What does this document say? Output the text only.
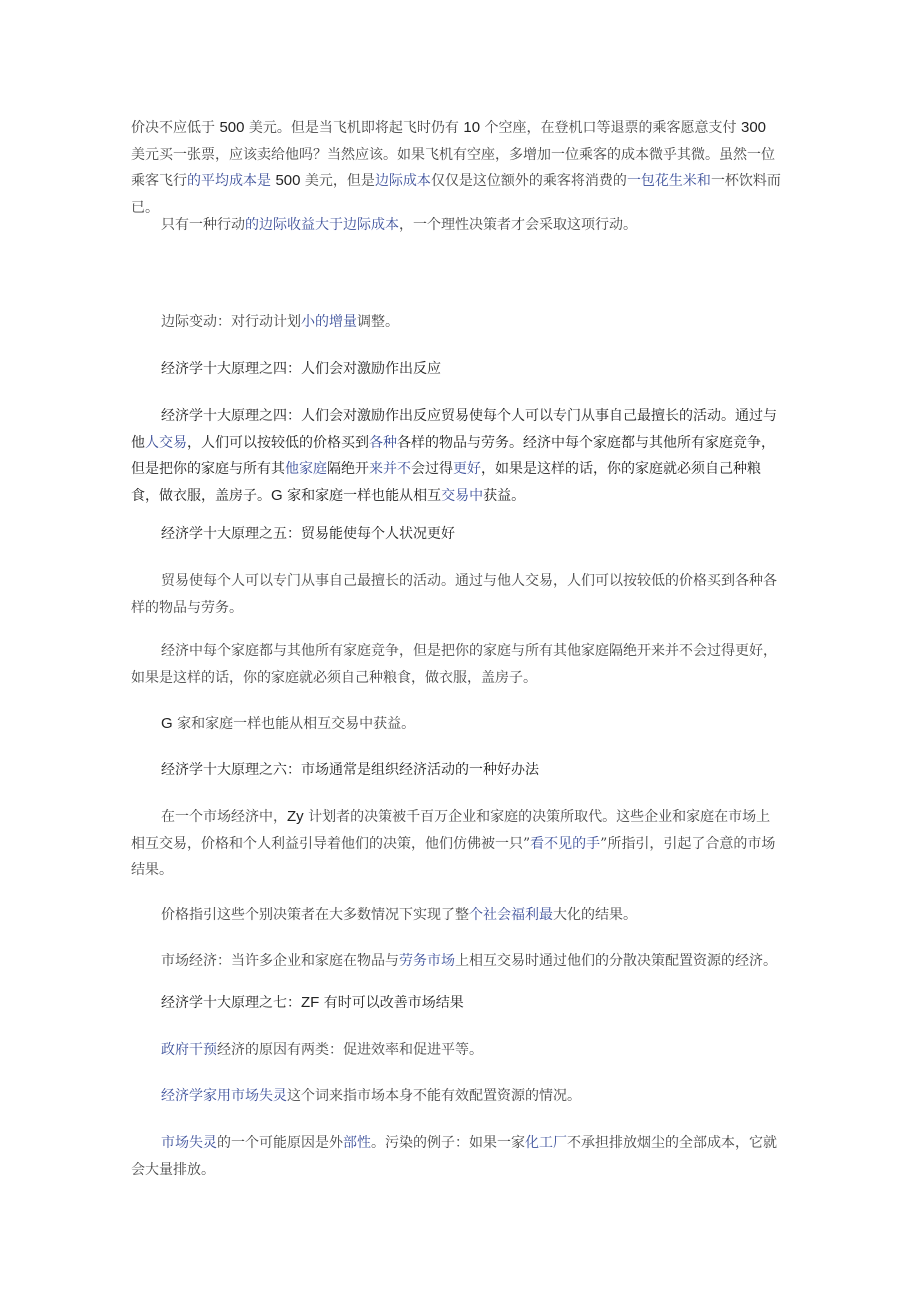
价决不应低于 500 美元。但是当飞机即将起飞时仍有 10 个空座，在登机口等退票的乘客愿意支付 300 美元买一张票，应该卖给他吗？当然应该。如果飞机有空座，多增加一位乘客的成本微乎其微。虽然一位乘客飞行的平均成本是 500 美元，但是边际成本仅仅是这位额外的乘客将消费的一包花生米和一杯饮料而已。

只有一种行动的边际收益大于边际成本，一个理性决策者才会采取这项行动。

边际变动：对行动计划小的增量调整。

经济学十大原理之四：人们会对激励作出反应

经济学十大原理之四：人们会对激励作出反应贸易使每个人可以专门从事自己最擅长的活动。通过与他人交易，人们可以按较低的价格买到各种各样的物品与劳务。经济中每个家庭都与其他所有家庭竞争，但是把你的家庭与所有其他家庭隔绝开来并不会过得更好，如果是这样的话，你的家庭就必须自己种粮食，做衣服，盖房子。G 家和家庭一样也能从相互交易中获益。

经济学十大原理之五：贸易能使每个人状况更好

贸易使每个人可以专门从事自己最擅长的活动。通过与他人交易，人们可以按较低的价格买到各种各样的物品与劳务。

经济中每个家庭都与其他所有家庭竞争，但是把你的家庭与所有其他家庭隔绝开来并不会过得更好，如果是这样的话，你的家庭就必须自己种粮食，做衣服，盖房子。

G 家和家庭一样也能从相互交易中获益。

经济学十大原理之六：市场通常是组织经济活动的一种好办法

在一个市场经济中，Zy 计划者的决策被千百万企业和家庭的决策所取代。这些企业和家庭在市场上相互交易，价格和个人利益引导着他们的决策，他们仿佛被一只”看不见的手”所指引，引起了合意的市场结果。

价格指引这些个别决策者在大多数情况下实现了整个社会福利最大化的结果。

市场经济：当许多企业和家庭在物品与劳务市场上相互交易时通过他们的分散决策配置资源的经济。

经济学十大原理之七：ZF 有时可以改善市场结果

政府干预经济的原因有两类：促进效率和促进平等。

经济学家用市场失灵这个词来指市场本身不能有效配置资源的情况。

市场失灵的一个可能原因是外部性。污染的例子：如果一家化工厂不承担排放烟尘的全部成本，它就会大量排放。
